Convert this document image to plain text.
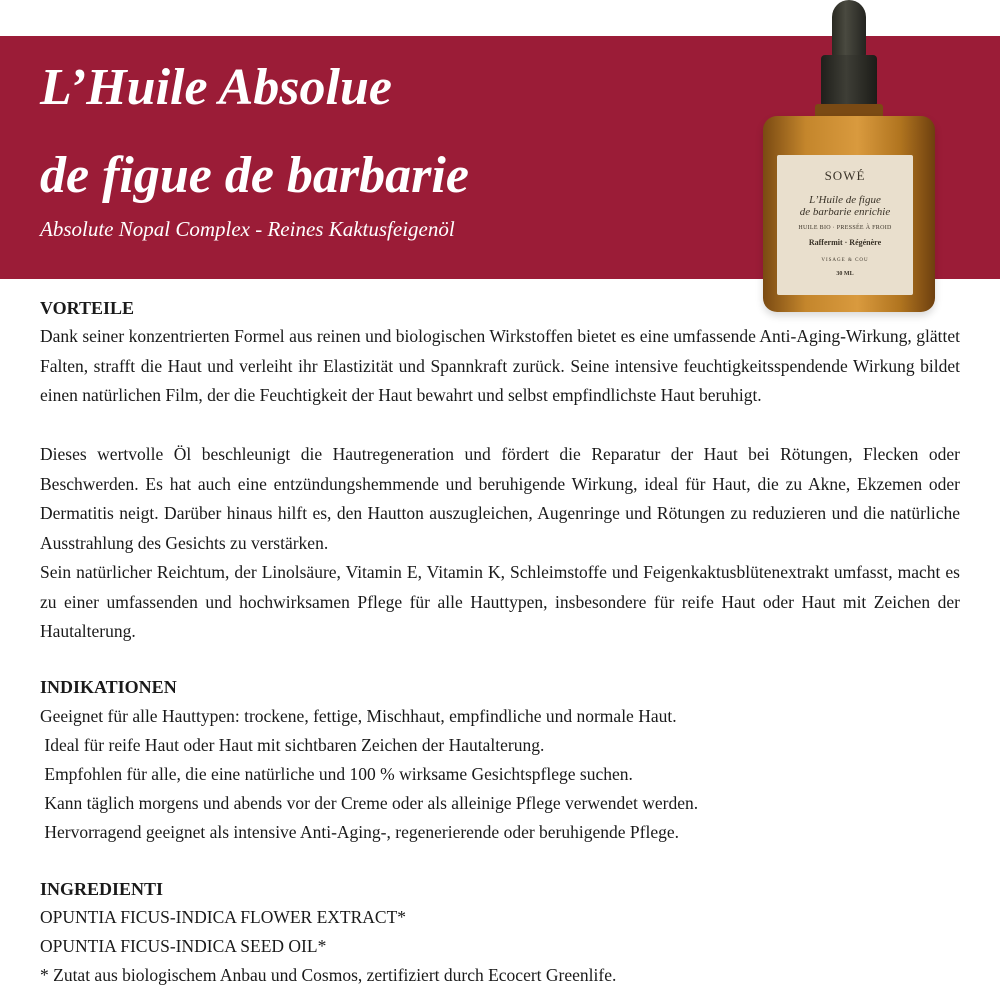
L’Huile Absolue
de figue de barbarie

Absolute Nopal Complex - Reines Kaktusfeigenöl

SOWÉ
L’Huile de figue
de barbarie enrichie
HUILE BIO · PRESSÉE À FROID
Raffermit · Régénère
VISAGE & COU
30 ML
VORTEILE

Dank seiner konzentrierten Formel aus reinen und biologischen Wirkstoffen bietet es eine umfassende Anti-Aging-Wirkung, glättet Falten, strafft die Haut und verleiht ihr Elastizität und Spannkraft zurück. Seine intensive feuchtigkeitsspendende Wirkung bildet einen natürlichen Film, der die Feuchtigkeit der Haut bewahrt und selbst empfindlichste Haut beruhigt.

Dieses wertvolle Öl beschleunigt die Hautregeneration und fördert die Reparatur der Haut bei Rötungen, Flecken oder Beschwerden. Es hat auch eine entzündungshemmende und beruhigende Wirkung, ideal für Haut, die zu Akne, Ekzemen oder Dermatitis neigt. Darüber hinaus hilft es, den Hautton auszugleichen, Augenringe und Rötungen zu reduzieren und die natürliche Ausstrahlung des Gesichts zu verstärken.

Sein natürlicher Reichtum, der Linolsäure, Vitamin E, Vitamin K, Schleimstoffe und Feigenkaktusblütenextrakt umfasst, macht es zu einer umfassenden und hochwirksamen Pflege für alle Hauttypen, insbesondere für reife Haut oder Haut mit Zeichen der Hautalterung.

INDIKATIONEN

Geeignet für alle Hauttypen: trockene, fettige, Mischhaut, empfindliche und normale Haut.

Ideal für reife Haut oder Haut mit sichtbaren Zeichen der Hautalterung.

Empfohlen für alle, die eine natürliche und 100 % wirksame Gesichtspflege suchen.

Kann täglich morgens und abends vor der Creme oder als alleinige Pflege verwendet werden.

Hervorragend geeignet als intensive Anti-Aging-, regenerierende oder beruhigende Pflege.

INGREDIENTI

OPUNTIA FICUS-INDICA FLOWER EXTRACT*

OPUNTIA FICUS-INDICA SEED OIL*

* Zutat aus biologischem Anbau und Cosmos, zertifiziert durch Ecocert Greenlife.
